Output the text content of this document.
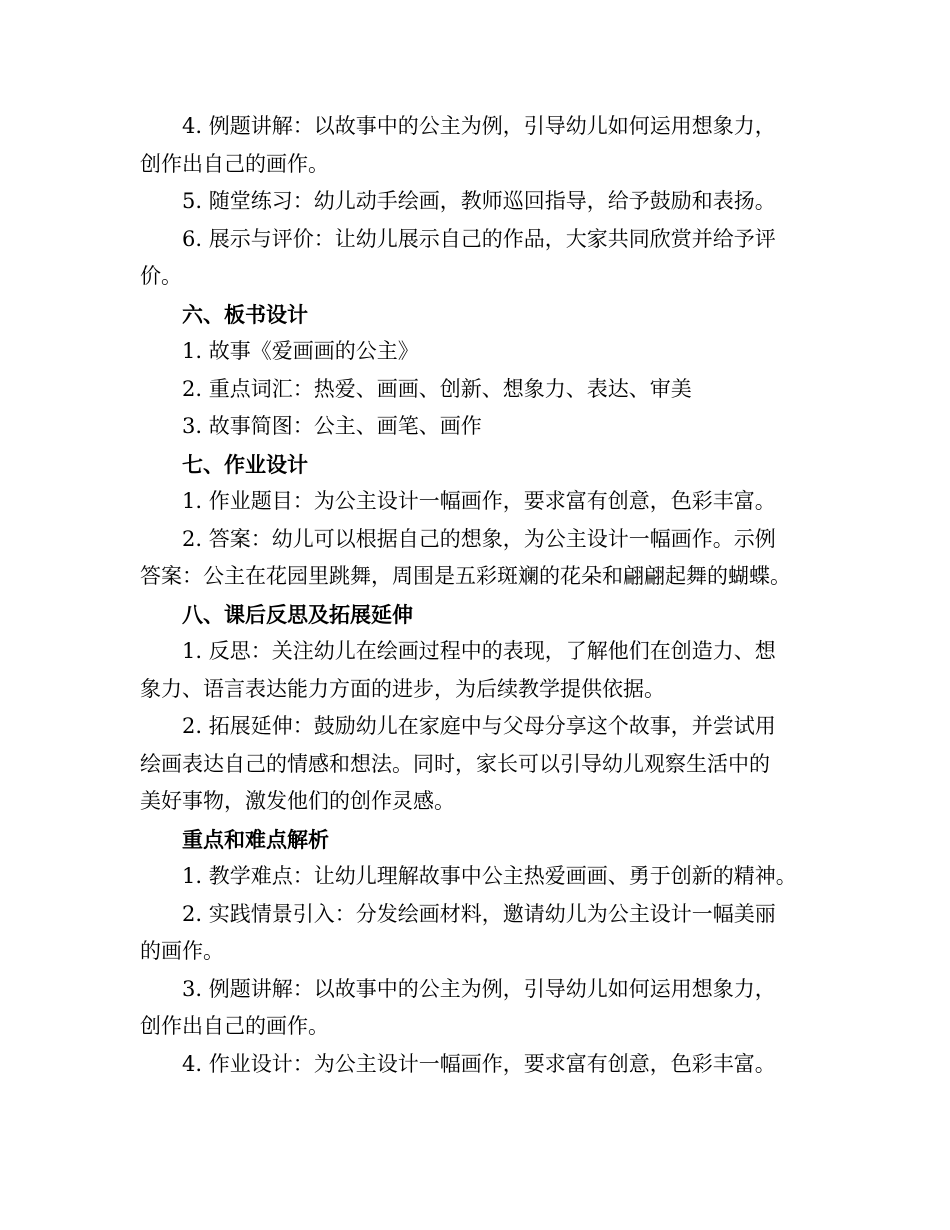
4. 例题讲解：以故事中的公主为例，引导幼儿如何运用想象力，
创作出自己的画作。
5. 随堂练习：幼儿动手绘画，教师巡回指导，给予鼓励和表扬。
6. 展示与评价：让幼儿展示自己的作品，大家共同欣赏并给予评
价。
六、板书设计
1. 故事《爱画画的公主》
2. 重点词汇：热爱、画画、创新、想象力、表达、审美
3. 故事简图：公主、画笔、画作
七、作业设计
1. 作业题目：为公主设计一幅画作，要求富有创意，色彩丰富。
2. 答案：幼儿可以根据自己的想象，为公主设计一幅画作。示例
答案：公主在花园里跳舞，周围是五彩斑斓的花朵和翩翩起舞的蝴蝶。
八、课后反思及拓展延伸
1. 反思：关注幼儿在绘画过程中的表现，了解他们在创造力、想
象力、语言表达能力方面的进步，为后续教学提供依据。
2. 拓展延伸：鼓励幼儿在家庭中与父母分享这个故事，并尝试用
绘画表达自己的情感和想法。同时，家长可以引导幼儿观察生活中的
美好事物，激发他们的创作灵感。
重点和难点解析
1. 教学难点：让幼儿理解故事中公主热爱画画、勇于创新的精神。
2. 实践情景引入：分发绘画材料，邀请幼儿为公主设计一幅美丽
的画作。
3. 例题讲解：以故事中的公主为例，引导幼儿如何运用想象力，
创作出自己的画作。
4. 作业设计：为公主设计一幅画作，要求富有创意，色彩丰富。
